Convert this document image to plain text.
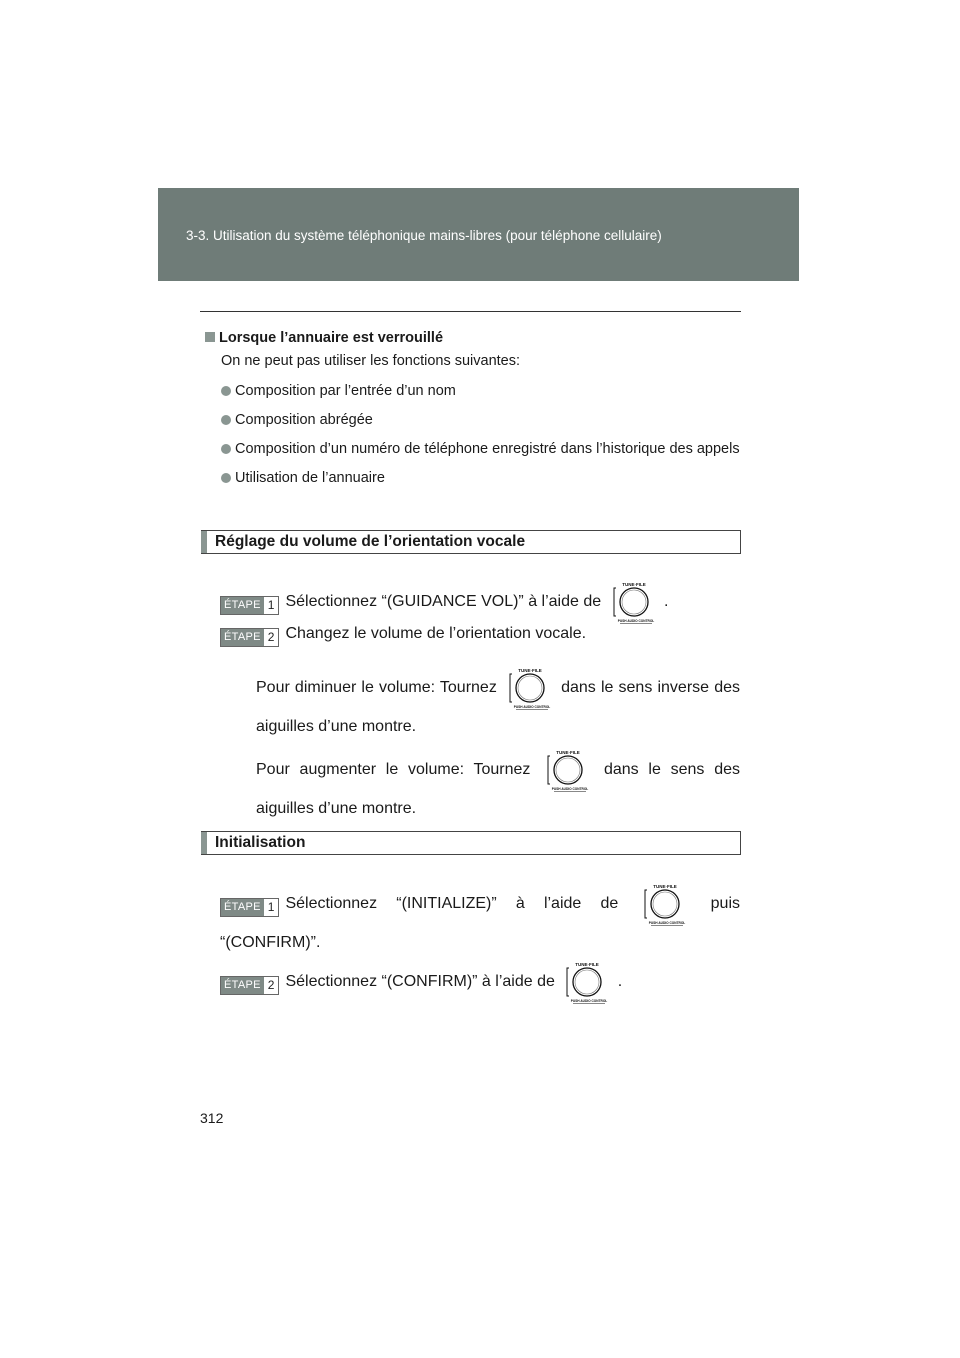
3-3. Utilisation du système téléphonique mains-libres (pour téléphone cellulaire)
Lorsque l’annuaire est verrouillé

On ne peut pas utiliser les fonctions suivantes:

Composition par l’entrée d’un nom
Composition abrégée
Composition d’un numéro de téléphone enregistré dans l’historique des appels
Utilisation de l’annuaire
Réglage du volume de l’orientation vocale
ÉTAPE 1 Sélectionnez “(GUIDANCE VOL)” à l’aide de
TUNE·FILE
PUSH AUDIO CONTROL
.
ÉTAPE 2 Changez le volume de l’orientation vocale.
Pour diminuer le volume: Tournez
TUNE·FILE
PUSH AUDIO CONTROL
dans le sens inverse des aiguilles d’une montre.
Pour augmenter le volume: Tournez
TUNE·FILE
PUSH AUDIO CONTROL
dans le sens des aiguilles d’une montre.
Initialisation
ÉTAPE 1 Sélectionnez “(INITIALIZE)” à l’aide de
TUNE·FILE
PUSH AUDIO CONTROL
puis “(CONFIRM)”.
ÉTAPE 2 Sélectionnez “(CONFIRM)” à l’aide de
TUNE·FILE
PUSH AUDIO CONTROL
.
312
